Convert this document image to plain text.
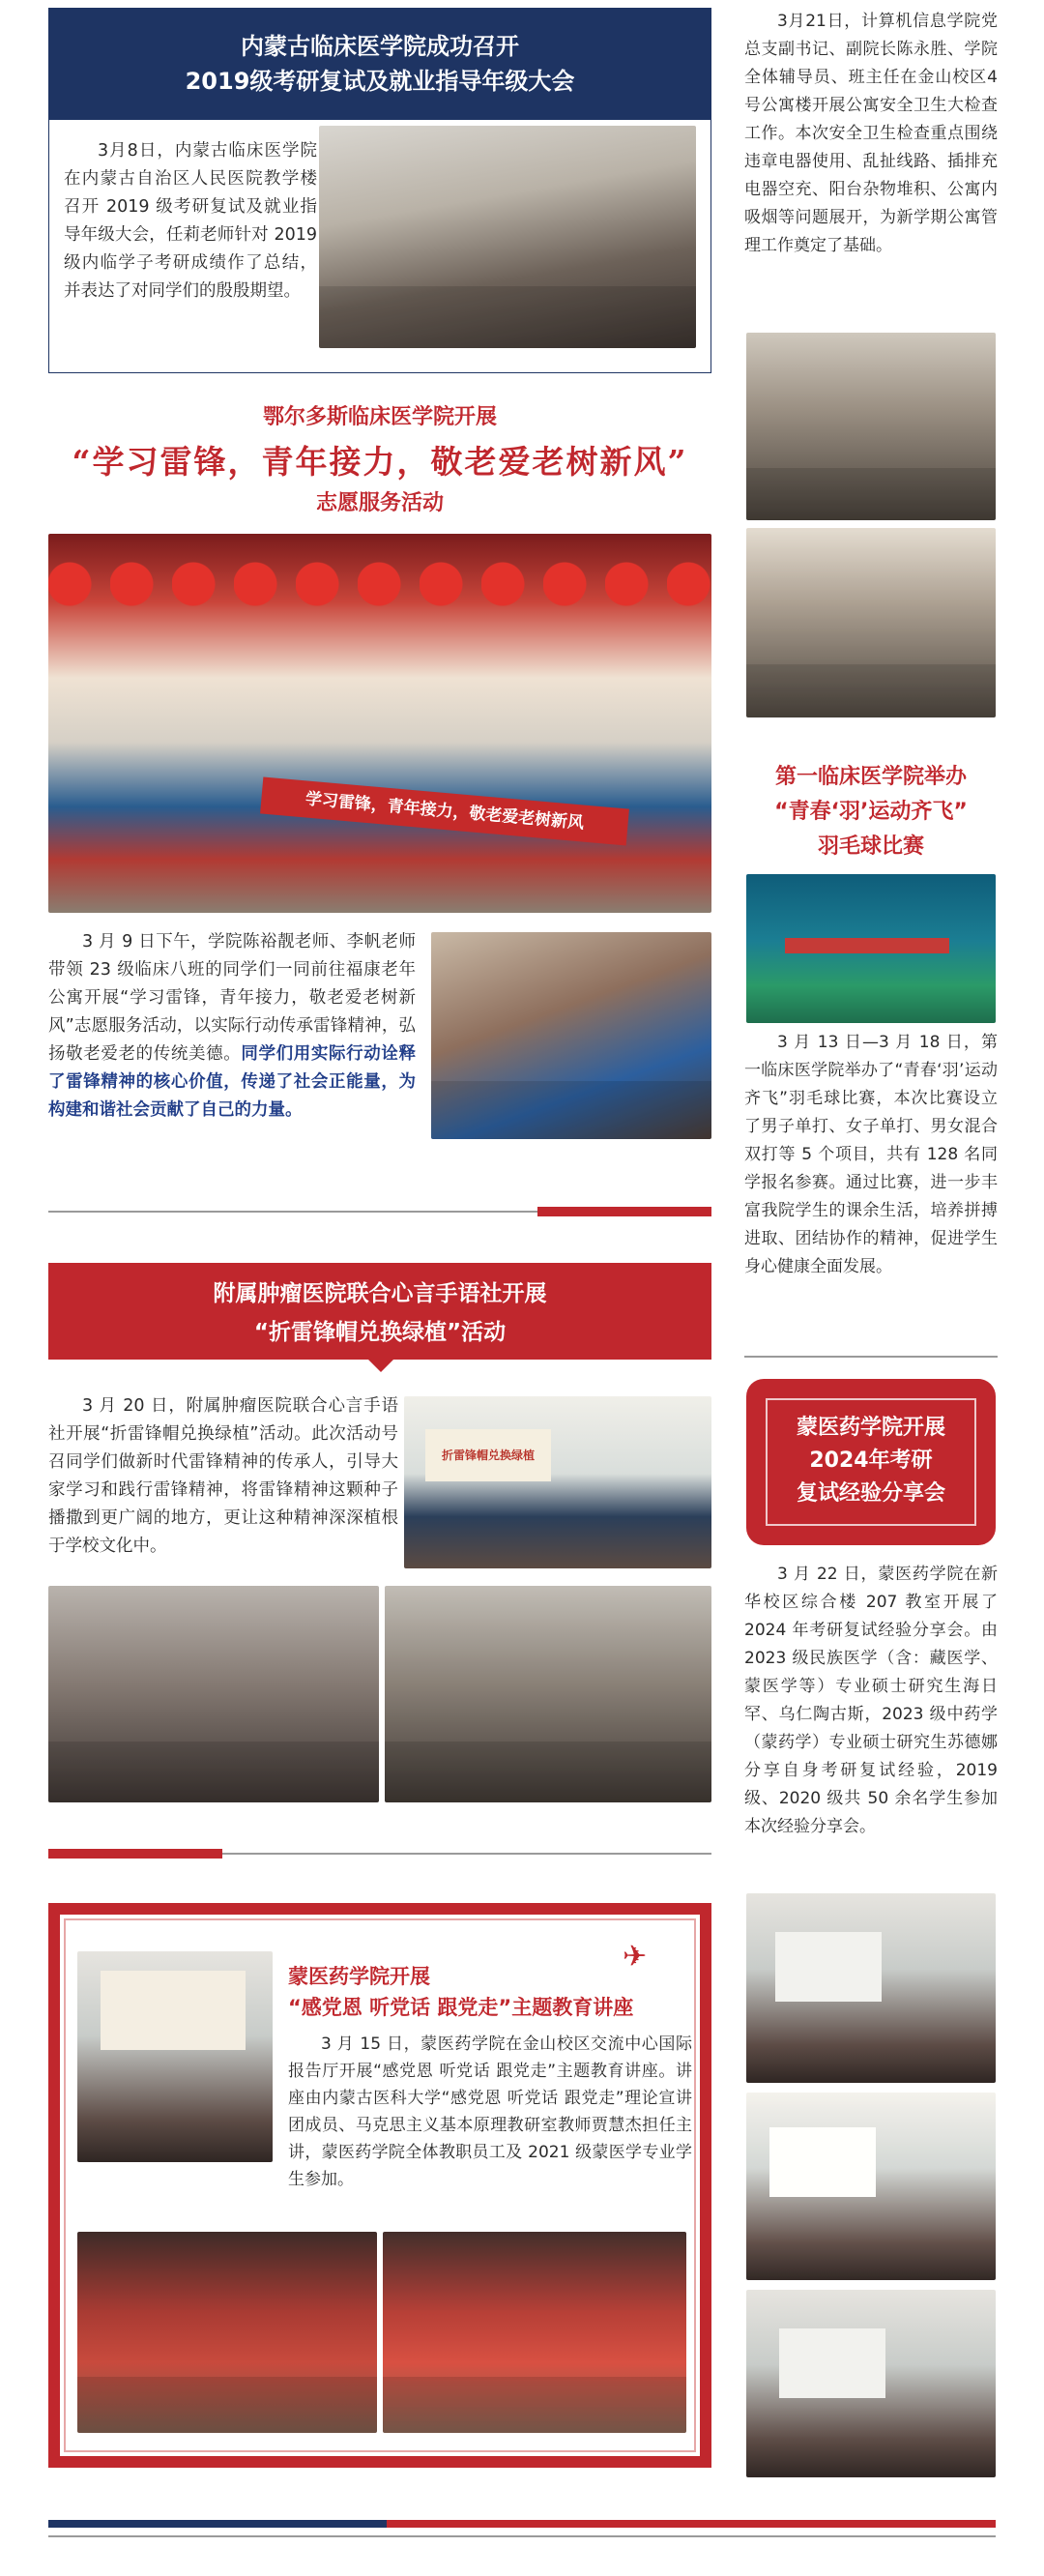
内蒙古临床医学院成功召开
2019级考研复试及就业指导年级大会

3月8日，内蒙古临床医学院在内蒙古自治区人民医院教学楼召开 2019 级考研复试及就业指导年级大会，任莉老师针对 2019 级内临学子考研成绩作了总结，并表达了对同学们的殷殷期望。

鄂尔多斯临床医学院开展
“学习雷锋，青年接力，敬老爱老树新风”
志愿服务活动
学习雷锋，青年接力，敬老爱老树新风

3 月 9 日下午，学院陈裕靓老师、李帆老师带领 23 级临床八班的同学们一同前往福康老年公寓开展“学习雷锋，青年接力，敬老爱老树新风”志愿服务活动，以实际行动传承雷锋精神，弘扬敬老爱老的传统美德。同学们用实际行动诠释了雷锋精神的核心价值，传递了社会正能量，为构建和谐社会贡献了自己的力量。

附属肿瘤医院联合心言手语社开展
“折雷锋帽兑换绿植”活动

3 月 20 日，附属肿瘤医院联合心言手语社开展“折雷锋帽兑换绿植”活动。此次活动号召同学们做新时代雷锋精神的传承人，引导大家学习和践行雷锋精神，将雷锋精神这颗种子播撒到更广阔的地方，更让这种精神深深植根于学校文化中。

折雷锋帽兑换绿植
✈
蒙医药学院开展
“感党恩 听党话 跟党走”主题教育讲座

3 月 15 日，蒙医药学院在金山校区交流中心国际报告厅开展“感党恩 听党话 跟党走”主题教育讲座。讲座由内蒙古医科大学“感党恩 听党话 跟党走”理论宣讲团成员、马克思主义基本原理教研室教师贾慧杰担任主讲，蒙医药学院全体教职员工及 2021 级蒙医学专业学生参加。

3月21日，计算机信息学院党总支副书记、副院长陈永胜、学院全体辅导员、班主任在金山校区4号公寓楼开展公寓安全卫生大检查工作。本次安全卫生检查重点围绕违章电器使用、乱扯线路、插排充电器空充、阳台杂物堆积、公寓内吸烟等问题展开，为新学期公寓管理工作奠定了基础。

第一临床医学院举办
“青春‘羽’运动齐飞”
羽毛球比赛

3 月 13 日—3 月 18 日，第一临床医学院举办了“青春‘羽’运动齐飞”羽毛球比赛，本次比赛设立了男子单打、女子单打、男女混合双打等 5 个项目，共有 128 名同学报名参赛。通过比赛，进一步丰富我院学生的课余生活，培养拼搏进取、团结协作的精神，促进学生身心健康全面发展。

蒙医药学院开展
2024年考研
复试经验分享会

3 月 22 日，蒙医药学院在新华校区综合楼 207 教室开展了 2024 年考研复试经验分享会。由 2023 级民族医学（含：藏医学、蒙医学等）专业硕士研究生海日罕、乌仁陶古斯，2023 级中药学（蒙药学）专业硕士研究生苏德娜分享自身考研复试经验，2019 级、2020 级共 50 余名学生参加本次经验分享会。
